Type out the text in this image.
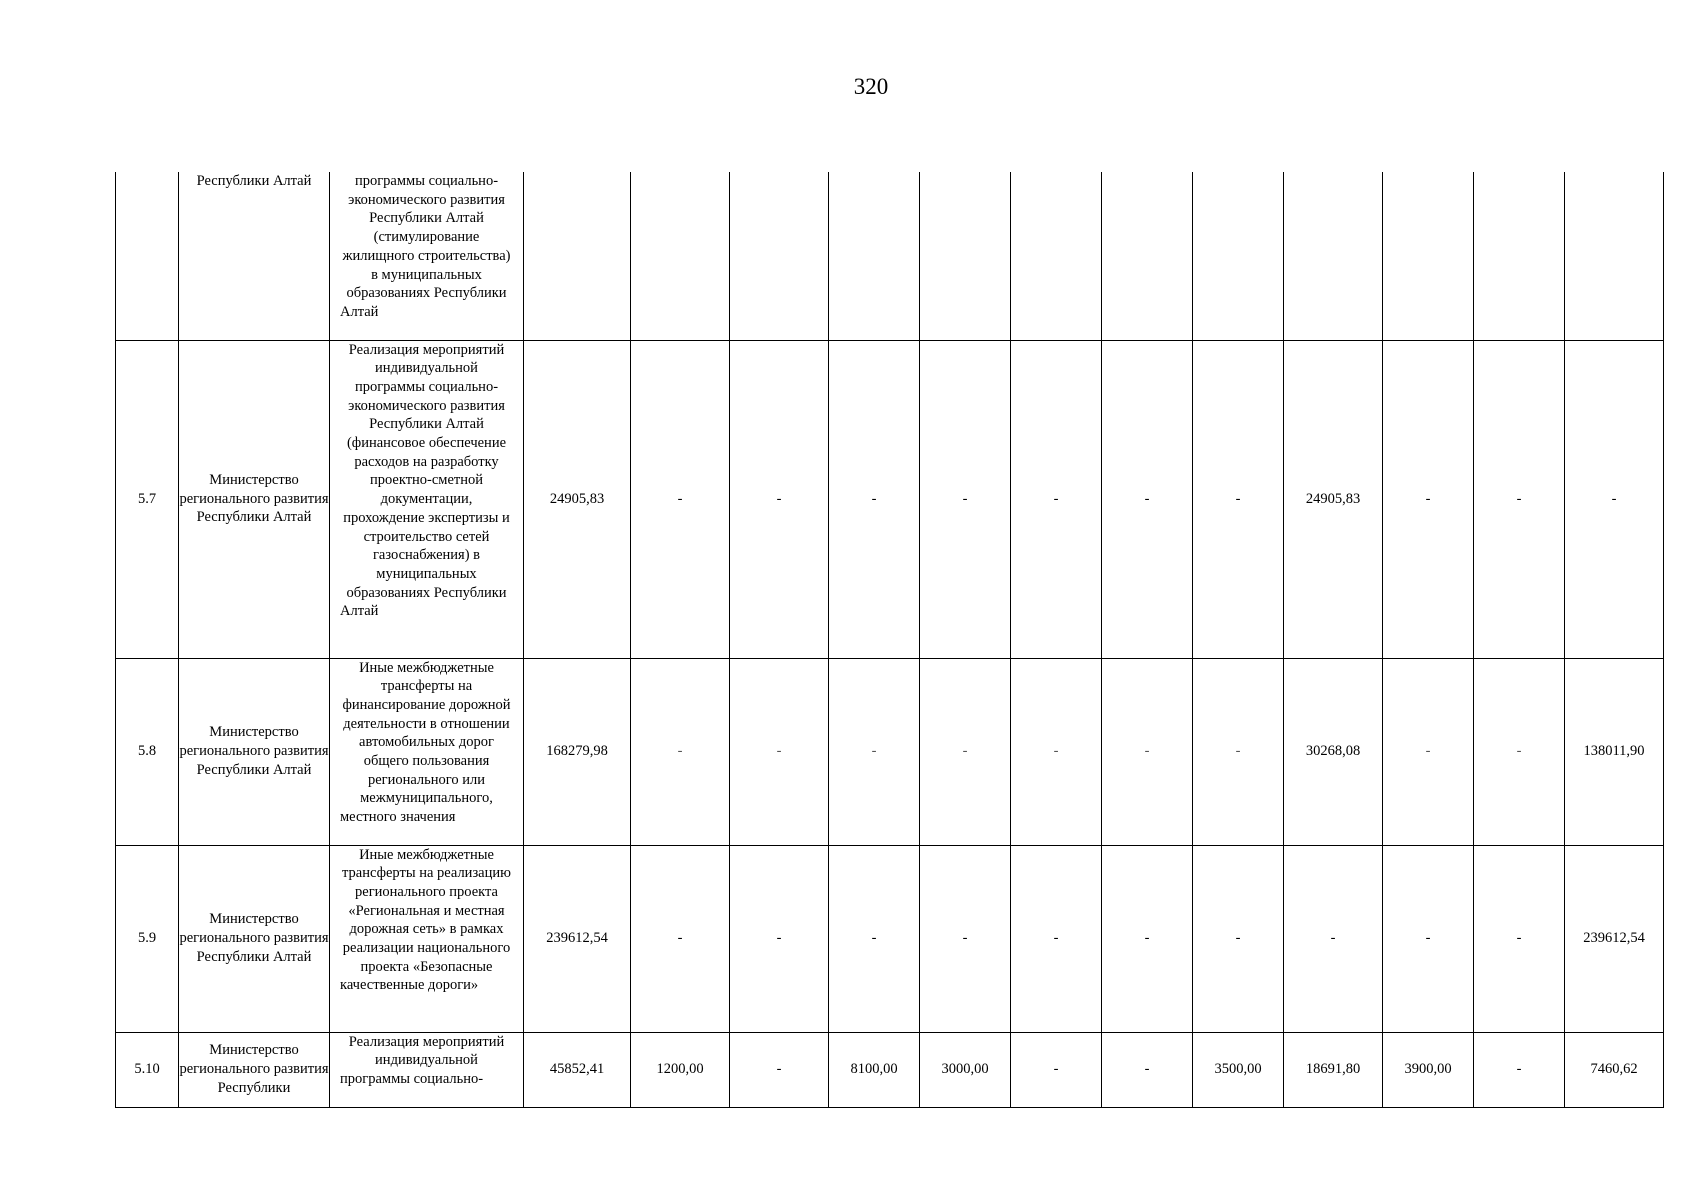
320
	Республики Алтай	программы социально-экономического развития Республики Алтай (стимулирование жилищного строительства) в муниципальных образованиях Республики Алтай												
5.7	Министерство регионального развития Республики Алтай	Реализация мероприятий индивидуальной программы социально-экономического развития Республики Алтай (финансовое обеспечение расходов на разработку проектно-сметной документации, прохождение экспертизы и строительство сетей газоснабжения) в муниципальных образованиях Республики Алтай	24905,83	-	-	-	-	-	-	-	24905,83	-	-	-
5.8	Министерство регионального развития Республики Алтай	Иные межбюджетные трансферты на финансирование дорожной деятельности в отношении автомобильных дорог общего пользования регионального или межмуниципального, местного значения	168279,98	-	-	-	-	-	-	-	30268,08	-	-	138011,90
5.9	Министерство регионального развития Республики Алтай	Иные межбюджетные трансферты на реализацию регионального проекта «Региональная и местная дорожная сеть» в рамках реализации национального проекта «Безопасные качественные дороги»	239612,54	-	-	-	-	-	-	-	-	-	-	239612,54
5.10	Министерство регионального развития Республики	Реализация мероприятий индивидуальной программы социально-	45852,41	1200,00	-	8100,00	3000,00	-	-	3500,00	18691,80	3900,00	-	7460,62
